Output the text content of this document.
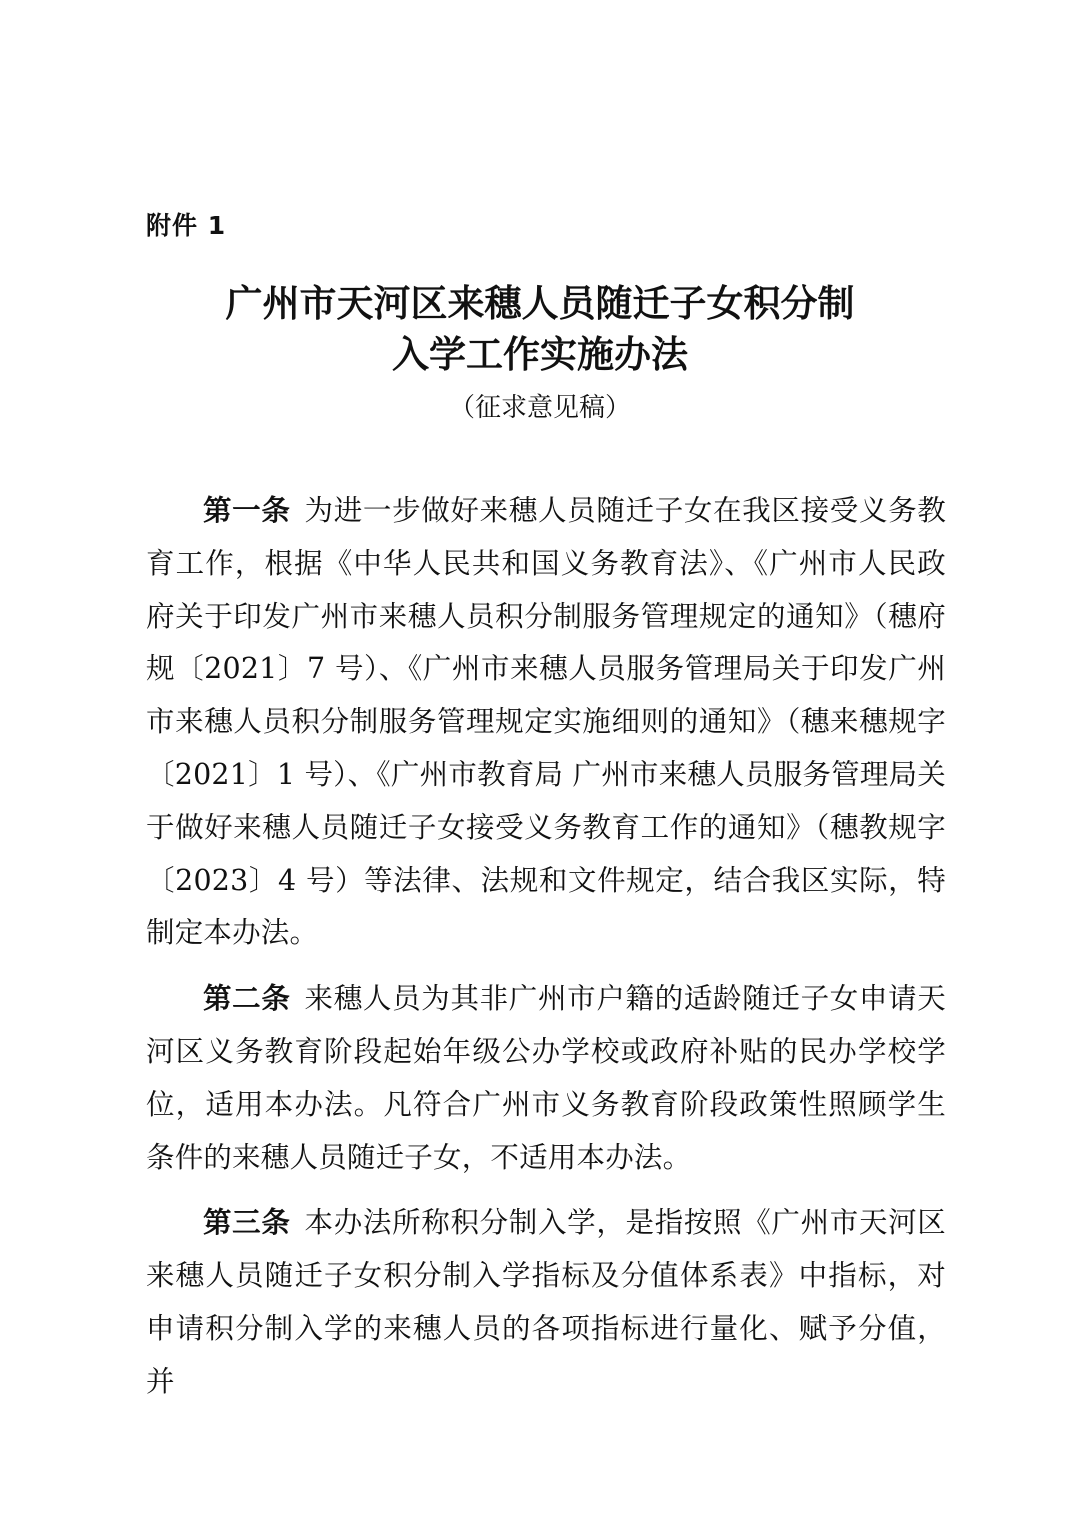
附件 1
广州市天河区来穗人员随迁子女积分制
入学工作实施办法
（征求意见稿）

第一条 为进一步做好来穗人员随迁子女在我区接受义务教育工作，根据《中华人民共和国义务教育法》、《广州市人民政府关于印发广州市来穗人员积分制服务管理规定的通知》（穗府规〔2021〕7 号）、《广州市来穗人员服务管理局关于印发广州市来穗人员积分制服务管理规定实施细则的通知》（穗来穗规字〔2021〕1 号）、《广州市教育局 广州市来穗人员服务管理局关于做好来穗人员随迁子女接受义务教育工作的通知》（穗教规字〔2023〕4 号）等法律、法规和文件规定，结合我区实际，特制定本办法。

第二条 来穗人员为其非广州市户籍的适龄随迁子女申请天河区义务教育阶段起始年级公办学校或政府补贴的民办学校学位，适用本办法。凡符合广州市义务教育阶段政策性照顾学生条件的来穗人员随迁子女，不适用本办法。

第三条 本办法所称积分制入学，是指按照《广州市天河区来穗人员随迁子女积分制入学指标及分值体系表》中指标，对申请积分制入学的来穗人员的各项指标进行量化、赋予分值，并
